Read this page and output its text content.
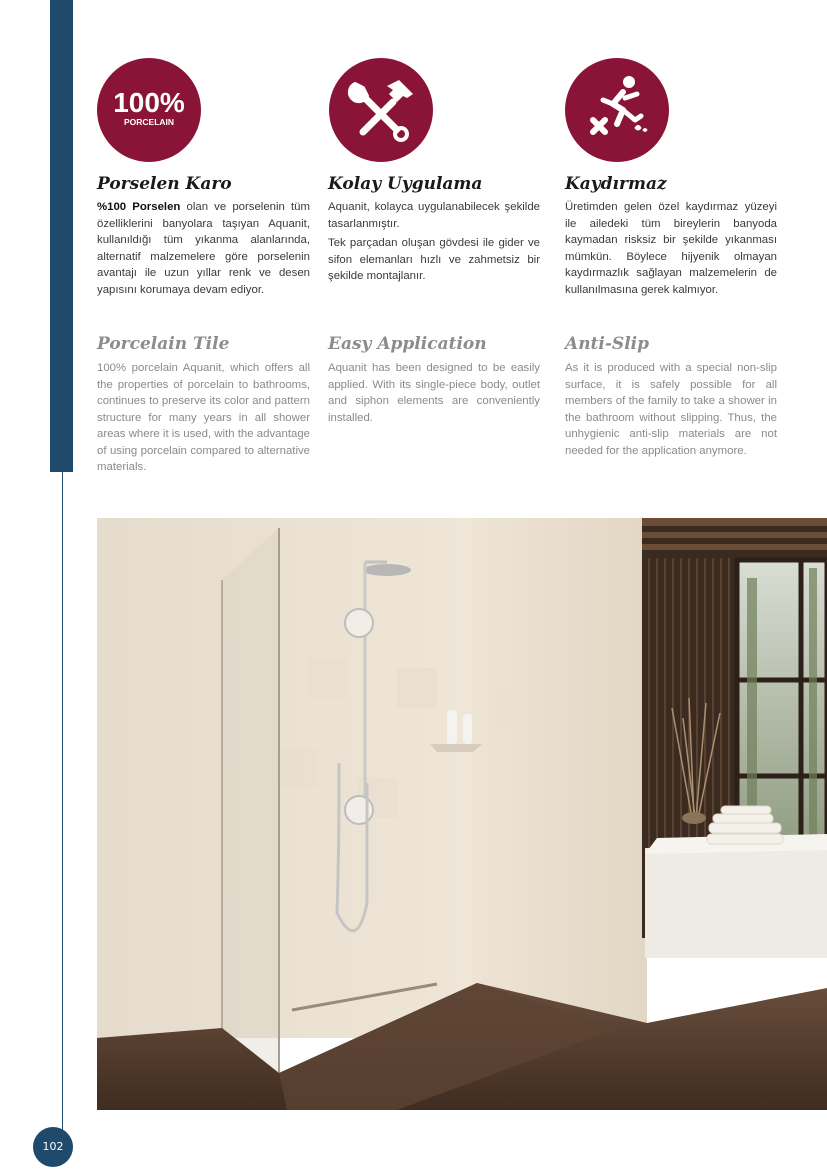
102
100%
PORCELAIN
Porselen Karo

%100 Porselen olan ve porselenin tüm özelliklerini banyolara taşıyan Aquanit, kullanıldığı tüm yıkanma alanlarında, alternatif malzemelere göre porselenin avantajı ile uzun yıllar renk ve desen yapısını korumaya devam ediyor.

Porcelain Tile

100% porcelain Aquanit, which offers all the properties of porcelain to bathrooms, continues to preserve its color and pattern structure for many years in all shower areas where it is used, with the advantage of using porcelain compared to alternative materials.

Kolay Uygulama

Aquanit, kolayca uygulanabilecek şekilde tasarlanmıştır.

Tek parçadan oluşan gövdesi ile gider ve sifon elemanları hızlı ve zahmetsiz bir şekilde montajlanır.

Easy Application

Aquanit has been designed to be easily applied. With its single-piece body, outlet and siphon elements are conveniently installed.

Kaydırmaz

Üretimden gelen özel kaydırmaz yüzeyi ile ailedeki tüm bireylerin banyoda kaymadan risksiz bir şekilde yıkanması mümkün. Böylece hijyenik olmayan kaydırmazlık sağlayan malzemelerin de kullanılmasına gerek kalmıyor.

Anti-Slip

As it is produced with a special non-slip surface, it is safely possible for all members of the family to take a shower in the bathroom without slipping. Thus, the unhygienic anti-slip materials are not needed for the application anymore.
